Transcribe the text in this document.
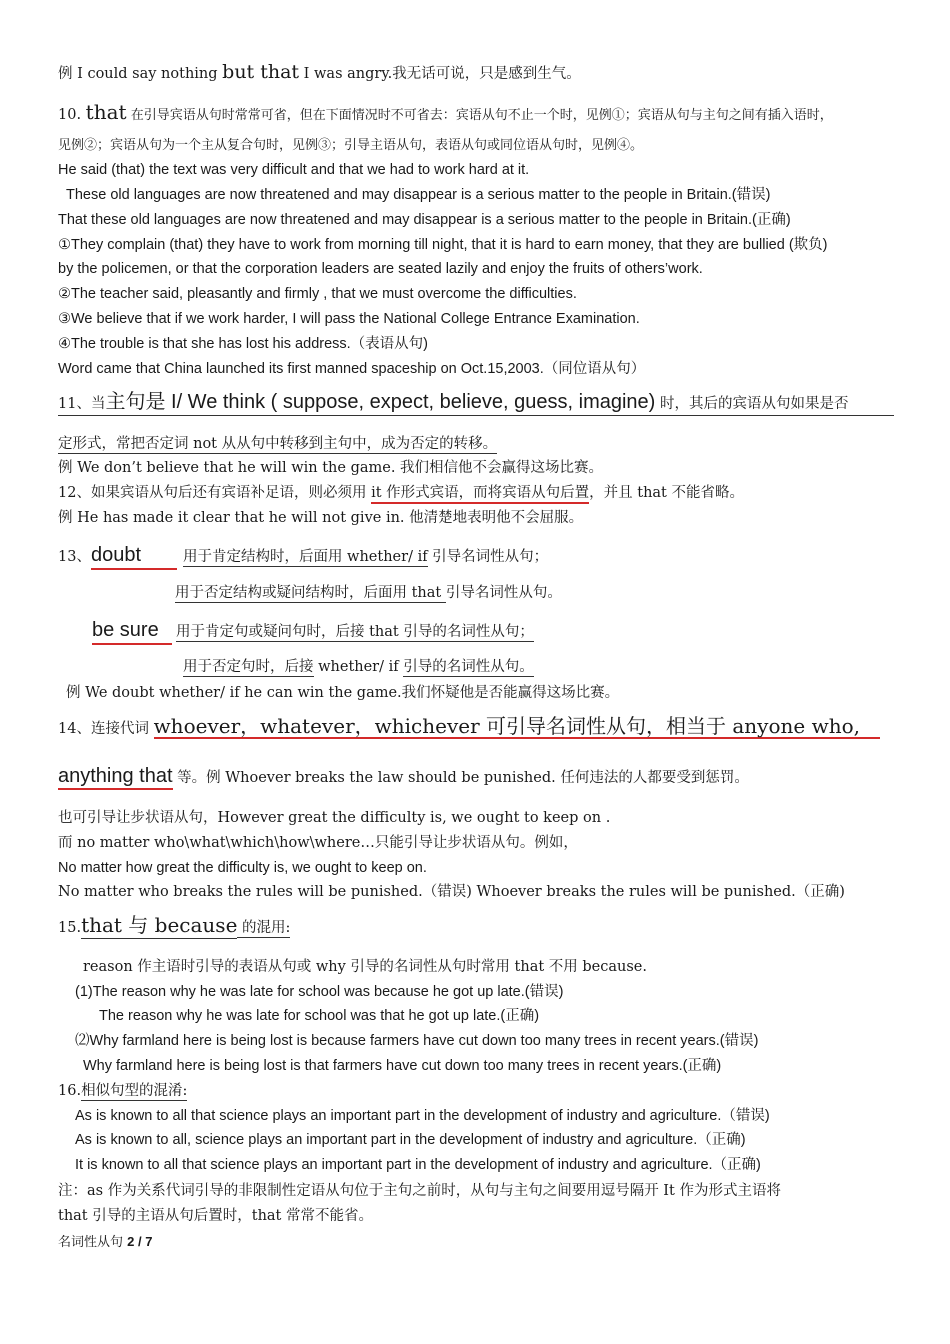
例 I could say nothing but that I was angry.我无话可说，只是感到生气。
10. that 在引导宾语从句时常常可省，但在下面情况时不可省去：宾语从句不止一个时，见例①；宾语从句与主句之间有插入语时，
见例②；宾语从句为一个主从复合句时，见例③；引导主语从句，表语从句或同位语从句时，见例④。
He said (that) the text was very difficult and that we had to work hard at it.
These old languages are now threatened and may disappear is a serious matter to the people in Britain.(错误)
That these old languages are now threatened and may disappear is a serious matter to the people in Britain.(正确)
①They complain (that) they have to work from morning till night, that it is hard to earn money, that they are bullied (欺负)
by the policemen, or that the corporation leaders are seated lazily and enjoy the fruits of others’work.
②The teacher said, pleasantly and firmly , that we must overcome the difficulties.
③We believe that if we work harder, I will pass the National College Entrance Examination.
④The trouble is that she has lost his address.（表语从句)
Word came that China launched its first manned spaceship on Oct.15,2003.（同位语从句）
11、当主句是 I/ We think ( suppose, expect, believe, guess, imagine) 时，其后的宾语从句如果是否
定形式，常把否定词 not 从从句中转移到主句中，成为否定的转移。
例 We don’t believe that he will win the game. 我们相信他不会赢得这场比赛。
12、如果宾语从句后还有宾语补足语，则必须用 it 作形式宾语，而将宾语从句后置，并且 that 不能省略。
例 He has made it clear that he will not give in. 他清楚地表明他不会屈服。
13、doubt	用于肯定结构时，后面用 whether/ if 引导名词性从句；
用于否定结构或疑问结构时，后面用 that 引导名词性从句。
be sure 用于肯定句或疑问句时，后接 that 引导的名词性从句；
用于否定句时，后接 whether/ if 引导的名词性从句。
例 We doubt whether/ if he can win the game.我们怀疑他是否能赢得这场比赛。
14、连接代词 whoever，whatever，whichever 可引导名词性从句，相当于 anyone who,
anything that 等。例 Whoever breaks the law should be punished. 任何违法的人都要受到惩罚。
也可引导让步状语从句，However great the difficulty is, we ought to keep on .
而 no matter who\what\which\how\where…只能引导让步状语从句。例如，
No matter how great the difficulty is, we ought to keep on.
No matter who breaks the rules will be punished.（错误) Whoever breaks the rules will be punished.（正确)
15.that 与 because 的混用:
reason 作主语时引导的表语从句或 why 引导的名词性从句时常用 that 不用 because.
(1)The reason why he was late for school was because he got up late.(错误)
The reason why he was late for school was that he got up late.(正确)
⑵Why farmland here is being lost is because farmers have cut down too many trees in recent years.(错误)
Why farmland here is being lost is that farmers have cut down too many trees in recent years.(正确)
16.相似句型的混淆:
As is known to all that science plays an important part in the development of industry and agriculture.（错误)
As is known to all, science plays an important part in the development of industry and agriculture.（正确)
It is known to all that science plays an important part in the development of industry and agriculture.（正确)
注：as 作为关系代词引导的非限制性定语从句位于主句之前时，从句与主句之间要用逗号隔开 It 作为形式主语将
that 引导的主语从句后置时，that 常常不能省。
名词性从句 2 / 7
